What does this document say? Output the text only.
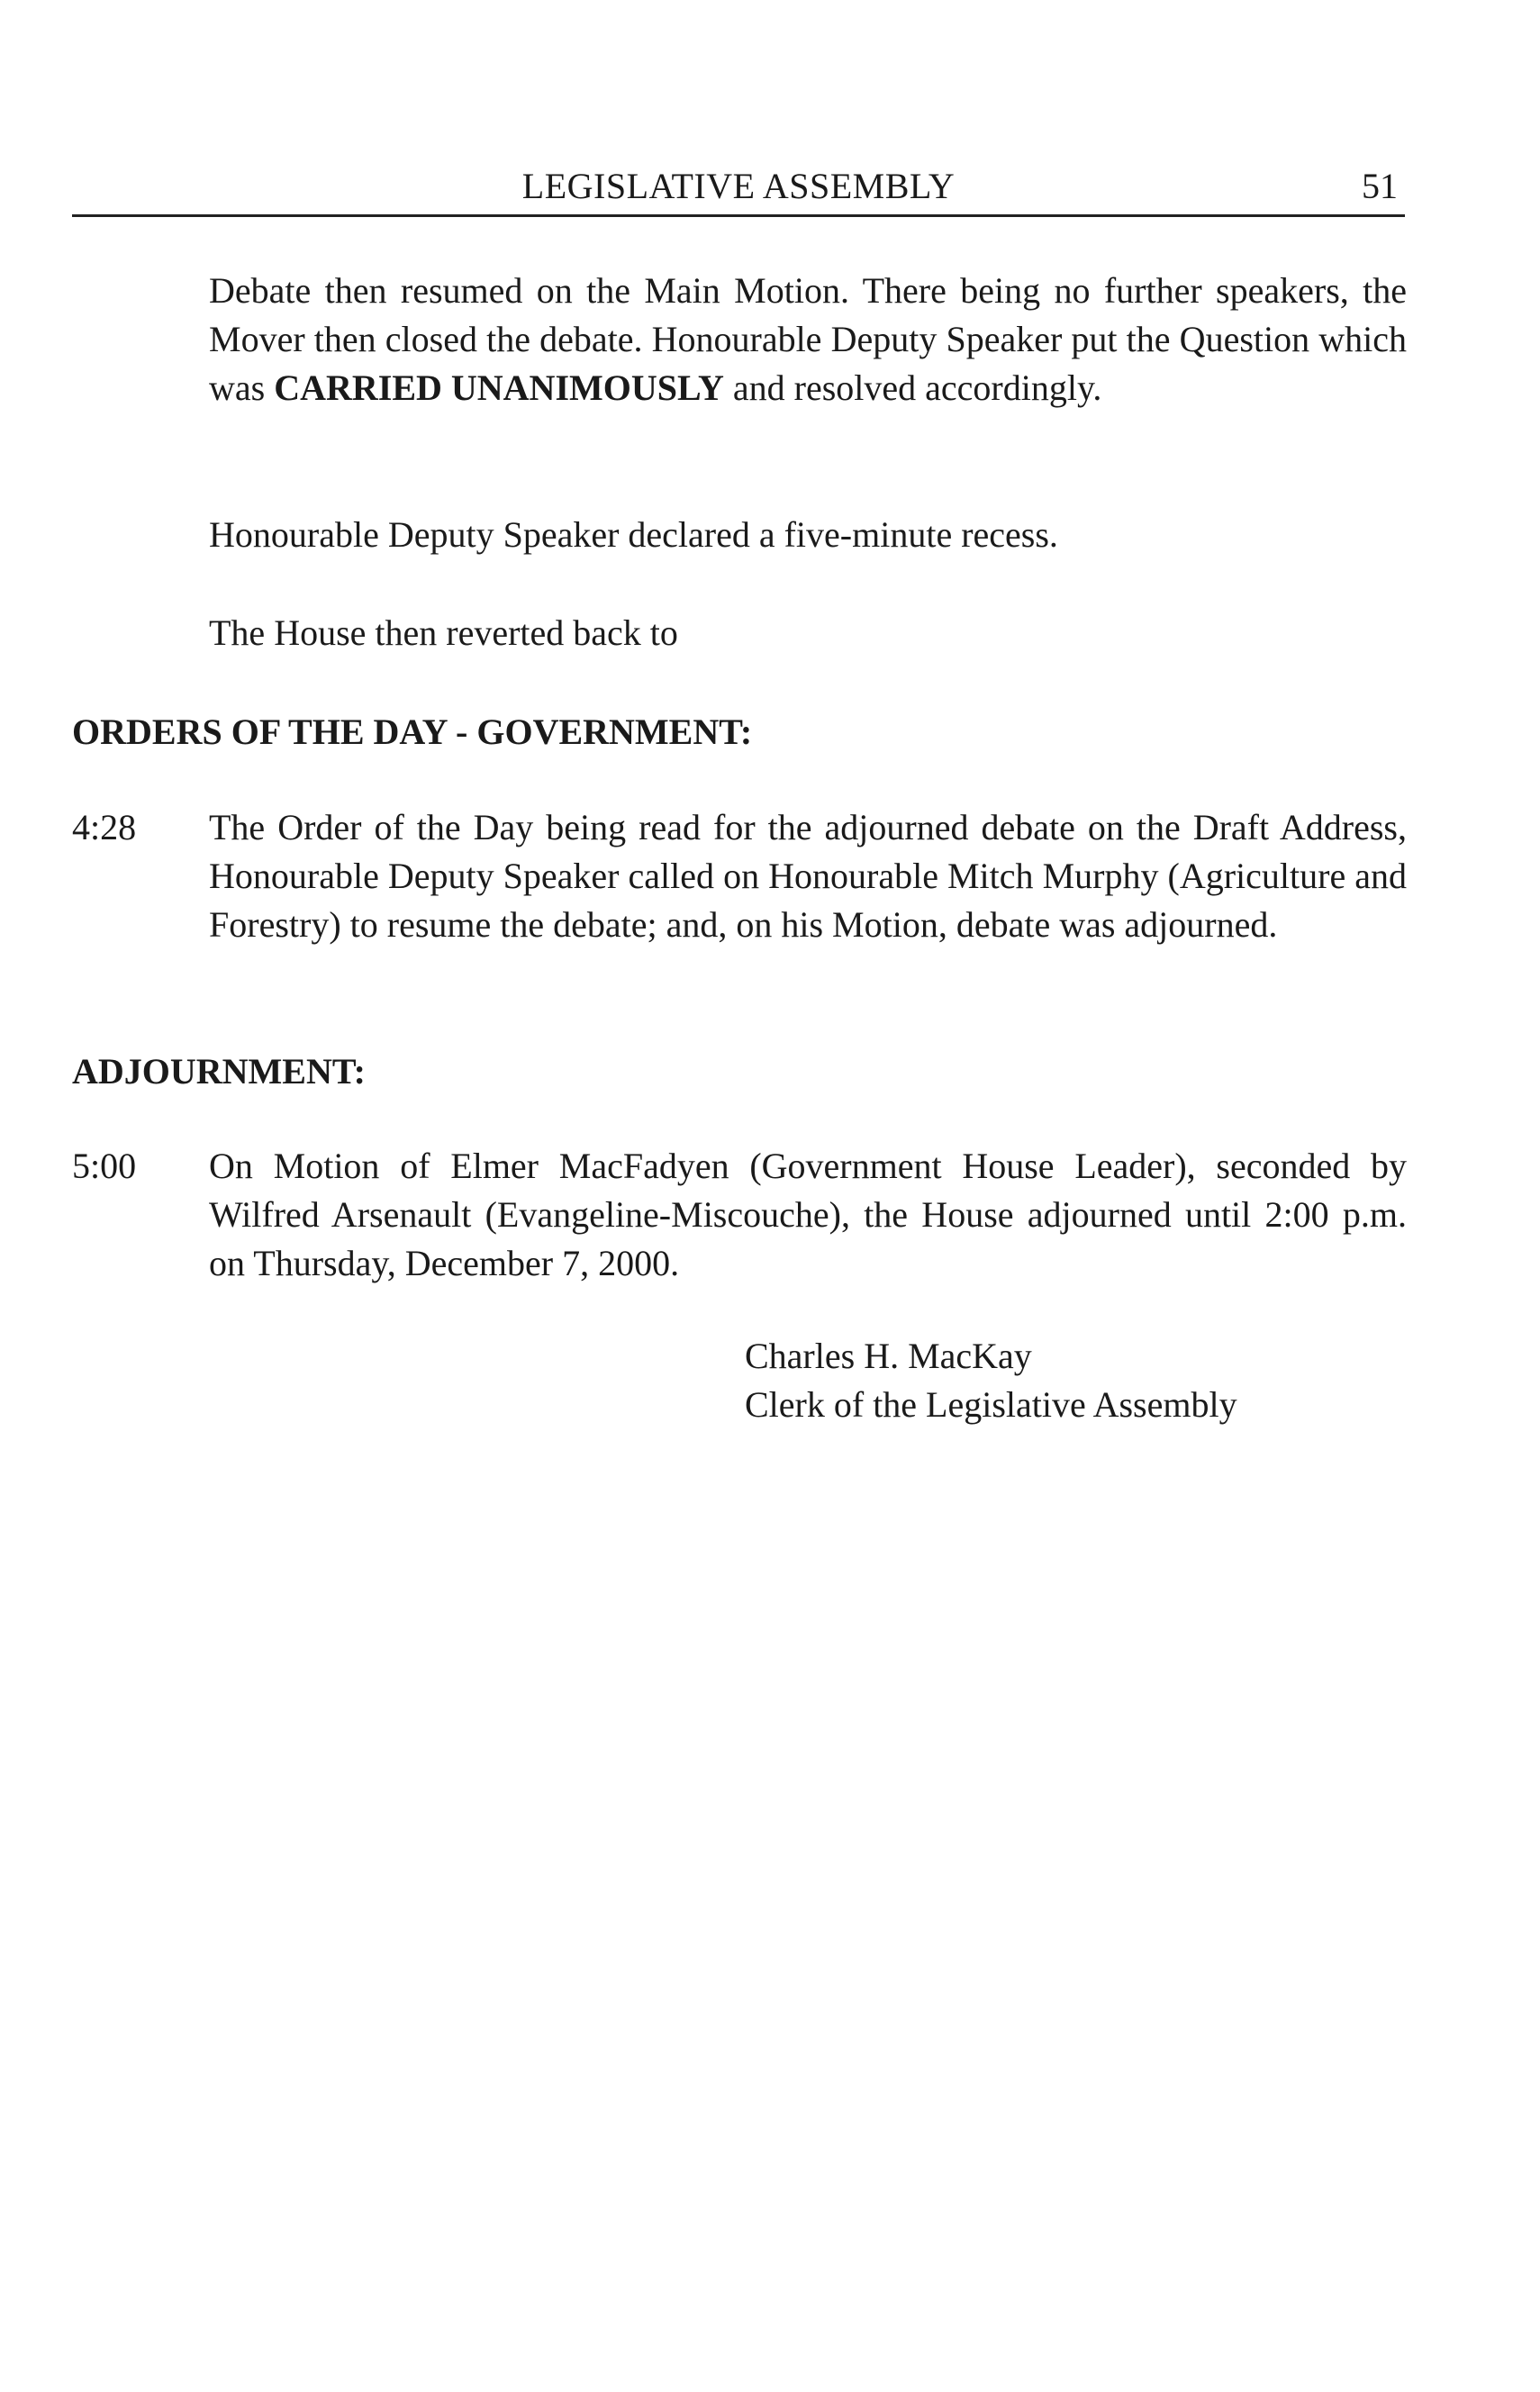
LEGISLATIVE ASSEMBLY	51

Debate then resumed on the Main Motion. There being no further speakers, the Mover then closed the debate. Honourable Deputy Speaker put the Question which was CARRIED UNANIMOUSLY and resolved accordingly.

Honourable Deputy Speaker declared a five-minute recess.

The House then reverted back to

ORDERS OF THE DAY - GOVERNMENT:
4:28 The Order of the Day being read for the adjourned debate on the Draft Address, Honourable Deputy Speaker called on Honourable Mitch Murphy (Agriculture and Forestry) to resume the debate; and, on his Motion, debate was adjourned.

ADJOURNMENT:
5:00 On Motion of Elmer MacFadyen (Government House Leader), seconded by Wilfred Arsenault (Evangeline-Miscouche), the House adjourned until 2:00 p.m. on Thursday, December 7, 2000.

Charles H. MacKay
Clerk of the Legislative Assembly
